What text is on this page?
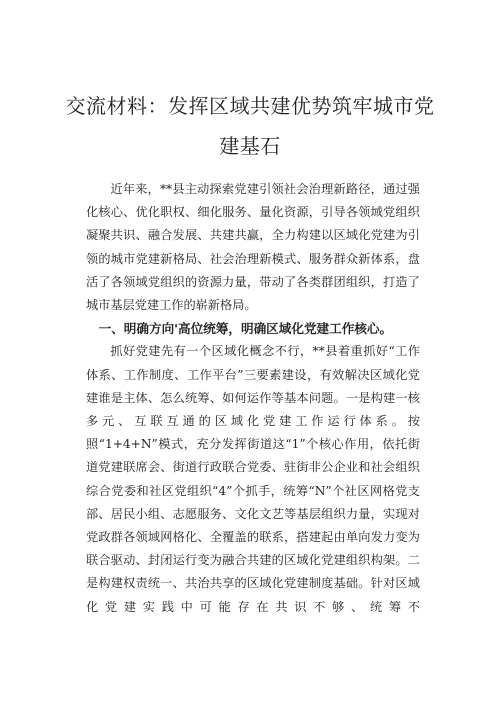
交流材料：发挥区域共建优势筑牢城市党
建基石

近年来，**县主动探索党建引领社会治理新路径，通过强化核心、优化职权、细化服务、量化资源，引导各领域党组织凝聚共识、融合发展、共建共赢，全力构建以区域化党建为引领的城市党建新格局、社会治理新模式、服务群众新体系，盘活了各领域党组织的资源力量，带动了各类群团组织，打造了城市基层党建工作的崭新格局。

一、明确方向'高位统筹，明确区域化党建工作核心。

抓好党建先有一个区域化概念不行，**县着重抓好“工作体系、工作制度、工作平台”三要素建设，有效解决区域化党建谁是主体、怎么统筹、如何运作等基本问题。一是构建一核多元、互联互通的区域化党建工作运行体系。按照“1+4+N”模式，充分发挥街道这“1”个核心作用，依托街道党建联席会、街道行政联合党委、驻街非公企业和社会组织综合党委和社区党组织“4”个抓手，统筹“N”个社区网格党支部、居民小组、志愿服务、文化文艺等基层组织力量，实现对党政群各领域网格化、全覆盖的联系，搭建起由单向发力变为联合驱动、封闭运行变为融合共建的区域化党建组织构架。二是构建权责统一、共治共享的区域化党建制度基础。针对区域化党建实践中可能存在共识不够、统筹不
